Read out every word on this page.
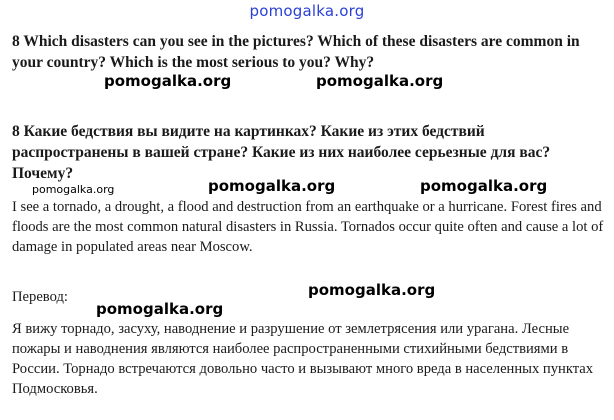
pomogalka.org

8 Which disasters can you see in the pictures? Which of these disasters are common in your country? Which is the most serious to you? Why?

8 Какие бедствия вы видите на картинках? Какие из этих бедствий распространены в вашей стране? Какие из них наиболее серьезные для вас? Почему?

I see a tornado, a drought, a flood and destruction from an earthquake or a hurricane. Forest fires and floods are the most common natural disasters in Russia. Tornados occur quite often and cause a lot of damage in populated areas near Moscow.

Перевод:

Я вижу торнадо, засуху, наводнение и разрушение от землетрясения или урагана. Лесные пожары и наводнения являются наиболее распространенными стихийными бедствиями в России. Торнадо встречаются довольно часто и вызывают много вреда в населенных пунктах Подмосковья.

pomogalka.org	pomogalka.org
pomogalka.org	pomogalka.org	pomogalka.org
pomogalka.org
pomogalka.org
